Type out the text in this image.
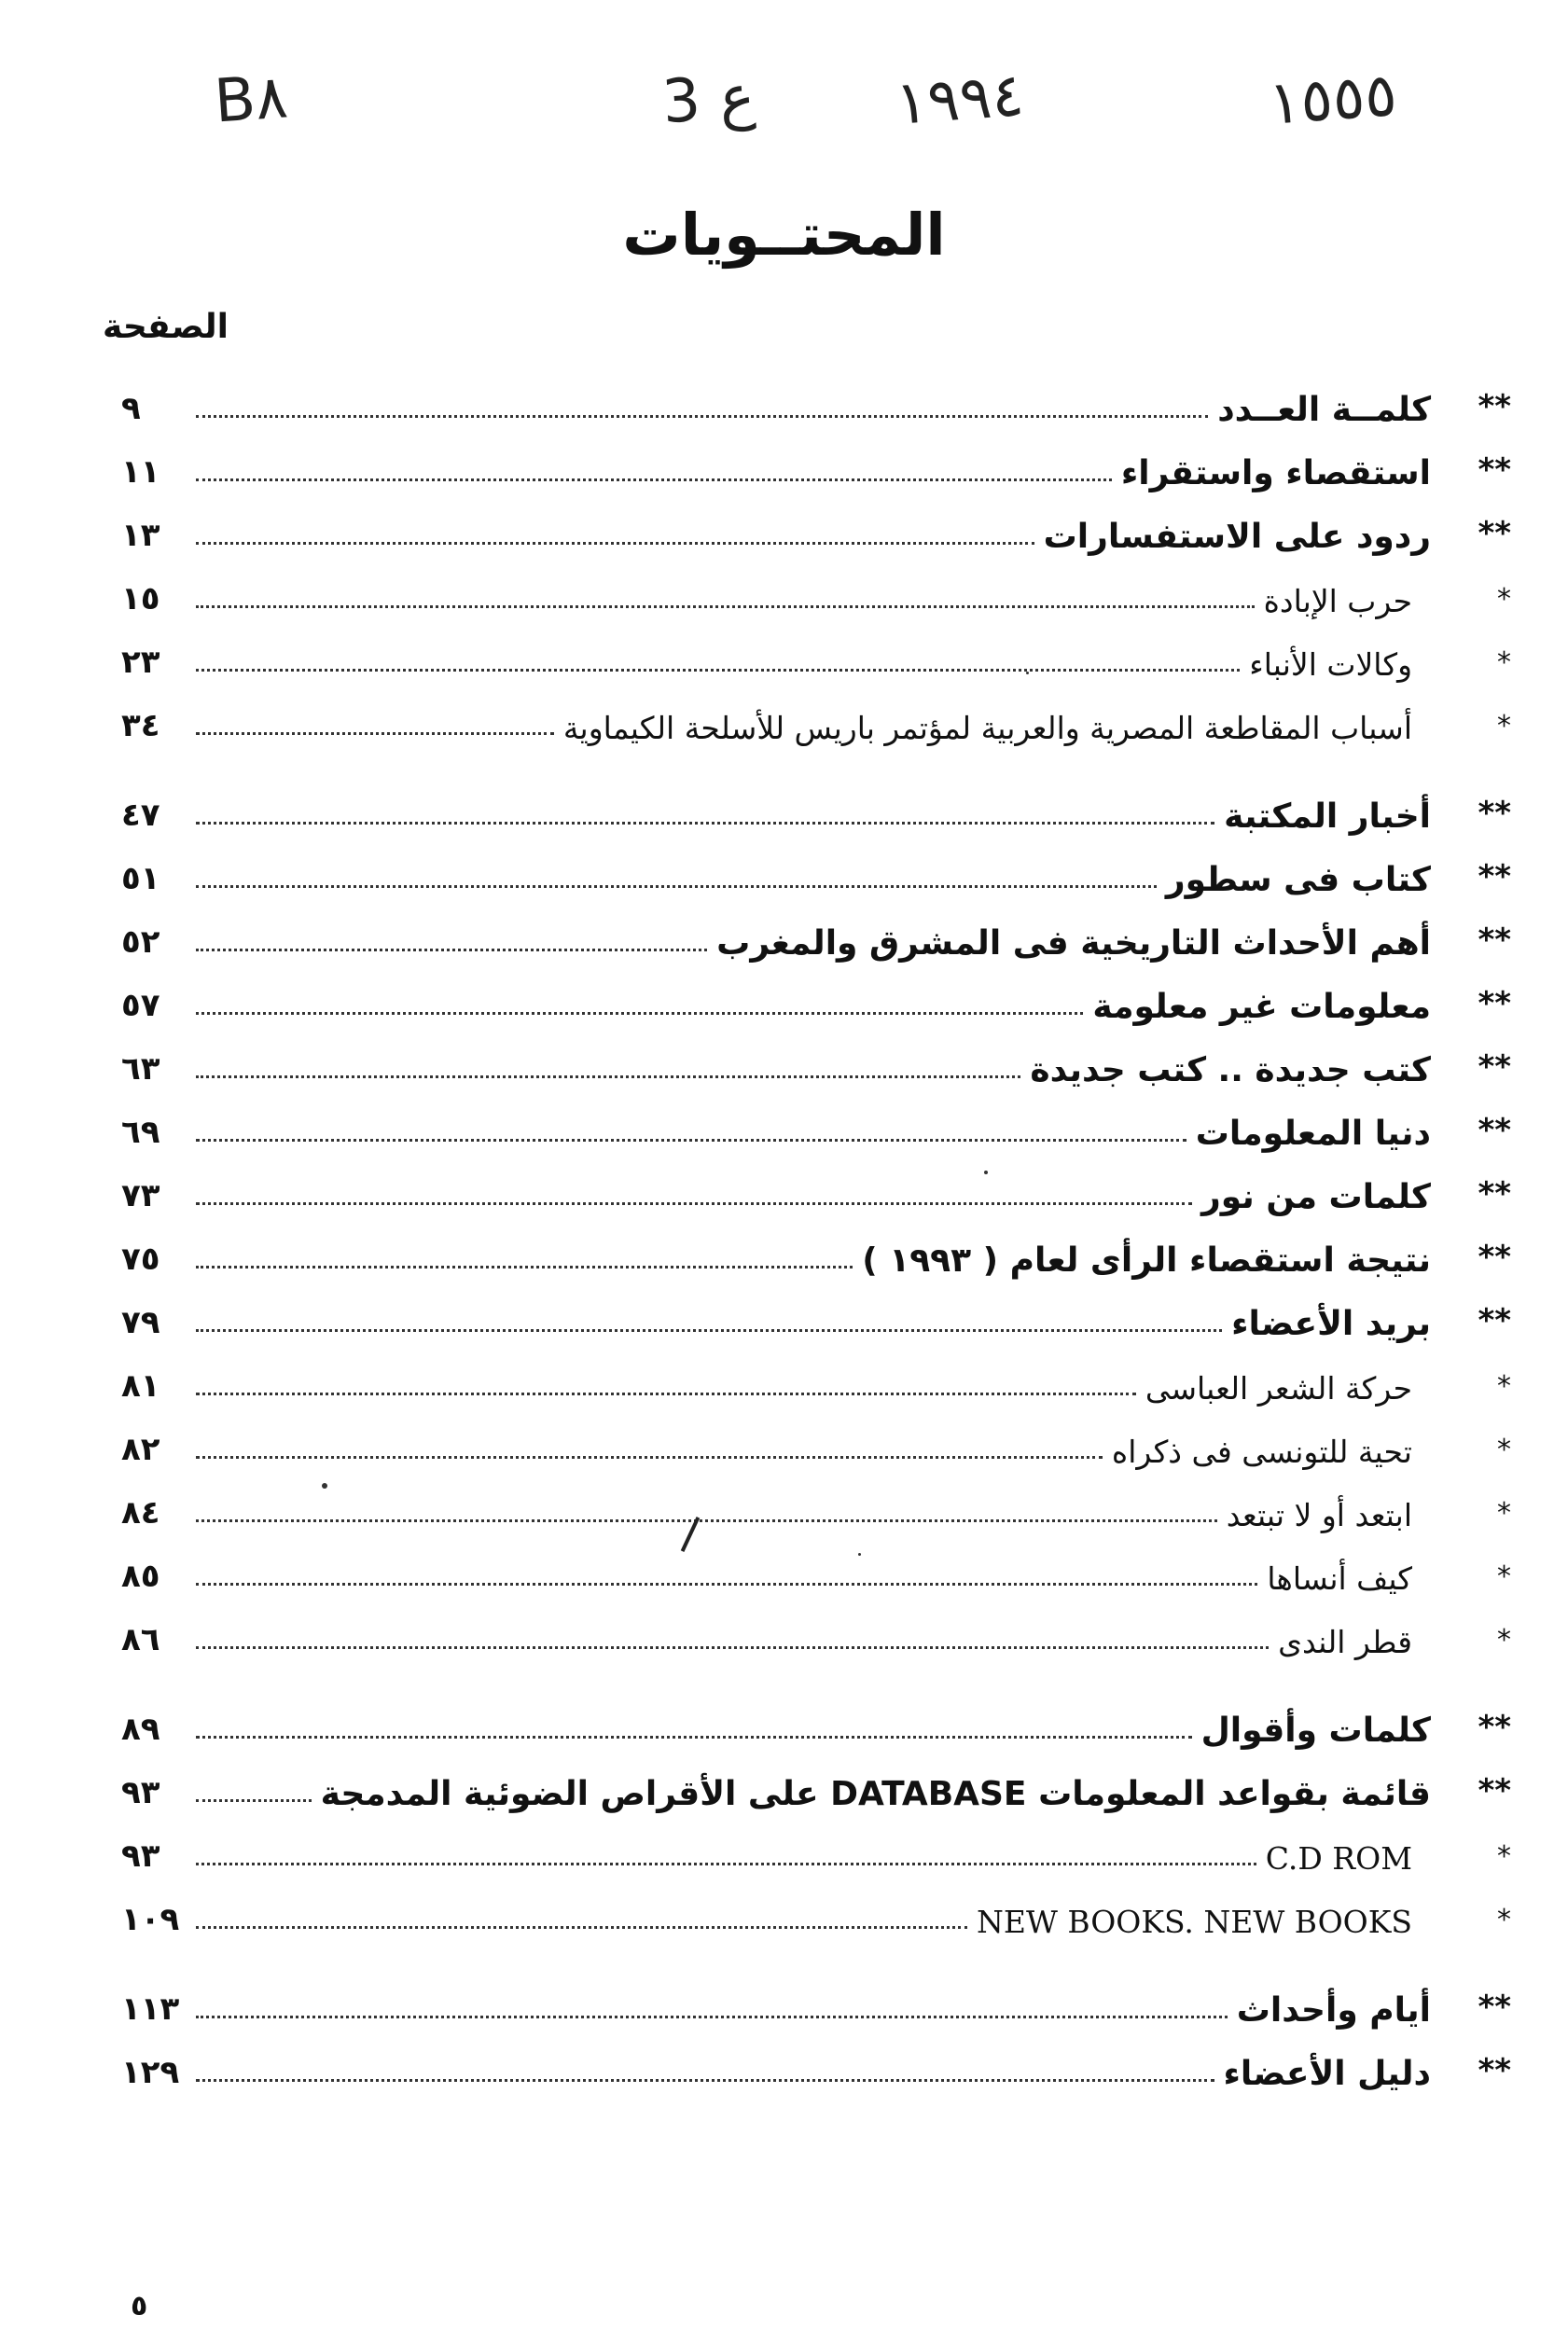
B٨	3 ع ١٩٩٤	١٥٥٥
المحتــويات
الصفحة
**
كلمــة العــدد
٩
**
استقصاء واستقراء
١١
**
ردود على الاستفسارات
١٣
*
حرب الإبادة
١٥
*
وكالات الأنباء
٢٣
*
أسباب المقاطعة المصرية والعربية لمؤتمر باريس للأسلحة الكيماوية
٣٤
**
أخبار المكتبة
٤٧
**
كتاب فى سطور
٥١
**
أهم الأحداث التاريخية فى المشرق والمغرب
٥٢
**
معلومات غير معلومة
٥٧
**
كتب جديدة .. كتب جديدة
٦٣
**
دنيا المعلومات
٦٩
**
كلمات من نور
٧٣
**
نتيجة استقصاء الرأى لعام ( ١٩٩٣ )
٧٥
**
بريد الأعضاء
٧٩
*
حركة الشعر العباسى
٨١
*
تحية للتونسى فى ذكراه
٨٢
*
ابتعد أو لا تبتعد
٨٤
*
كيف أنساها
٨٥
*
قطر الندى
٨٦
**
كلمات وأقوال
٨٩
**
قائمة بقواعد المعلومات DATABASE على الأقراص الضوئية المدمجة
٩٣
*
C.D ROM
٩٣
*
NEW BOOKS. NEW BOOKS
١٠٩
**
أيام وأحداث
١١٣
**
دليل الأعضاء
١٢٩
٥
